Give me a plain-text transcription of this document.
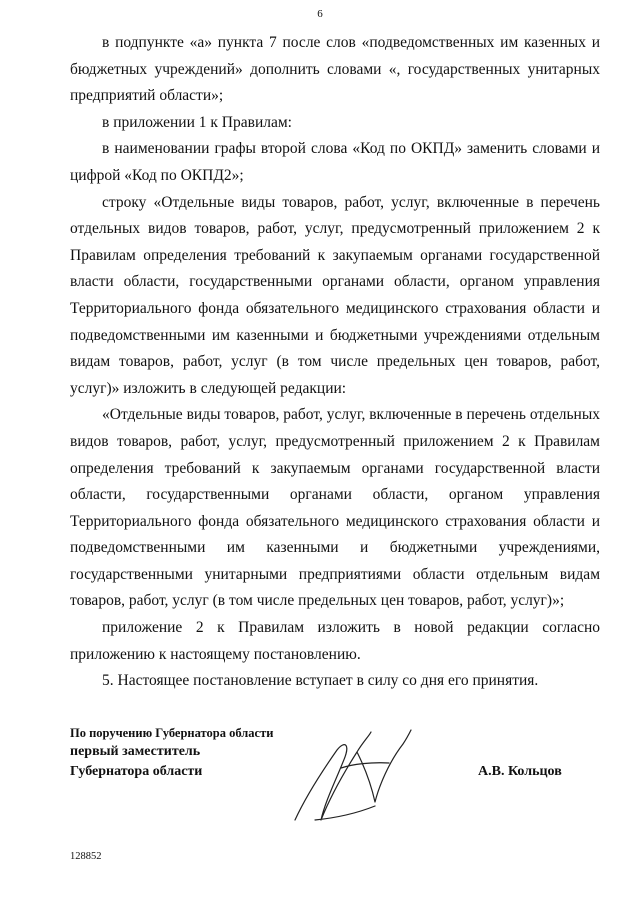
6

в подпункте «а» пункта 7 после слов «подведомственных им казенных и бюджетных учреждений» дополнить словами «, государственных унитарных предприятий области»;

в приложении 1 к Правилам:

в наименовании графы второй слова «Код по ОКПД» заменить словами и цифрой «Код по ОКПД2»;

строку «Отдельные виды товаров, работ, услуг, включенные в перечень отдельных видов товаров, работ, услуг, предусмотренный приложением 2 к Правилам определения требований к закупаемым органами государственной власти области, государственными органами области, органом управления Территориального фонда обязательного медицинского страхования области и подведомственными им казенными и бюджетными учреждениями отдельным видам товаров, работ, услуг (в том числе предельных цен товаров, работ, услуг)» изложить в следующей редакции:

«Отдельные виды товаров, работ, услуг, включенные в перечень отдельных видов товаров, работ, услуг, предусмотренный приложением 2 к Правилам определения требований к закупаемым органами государственной власти области, государственными органами области, органом управления Территориального фонда обязательного медицинского страхования области и подведомственными им казенными и бюджетными учреждениями, государственными унитарными предприятиями области отдельным видам товаров, работ, услуг (в том числе предельных цен товаров, работ, услуг)»;

приложение 2 к Правилам изложить в новой редакции согласно приложению к настоящему постановлению.

5. Настоящее постановление вступает в силу со дня его принятия.

По поручению Губернатора области
первый заместитель
Губернатора области	А.В. Кольцов
128852
